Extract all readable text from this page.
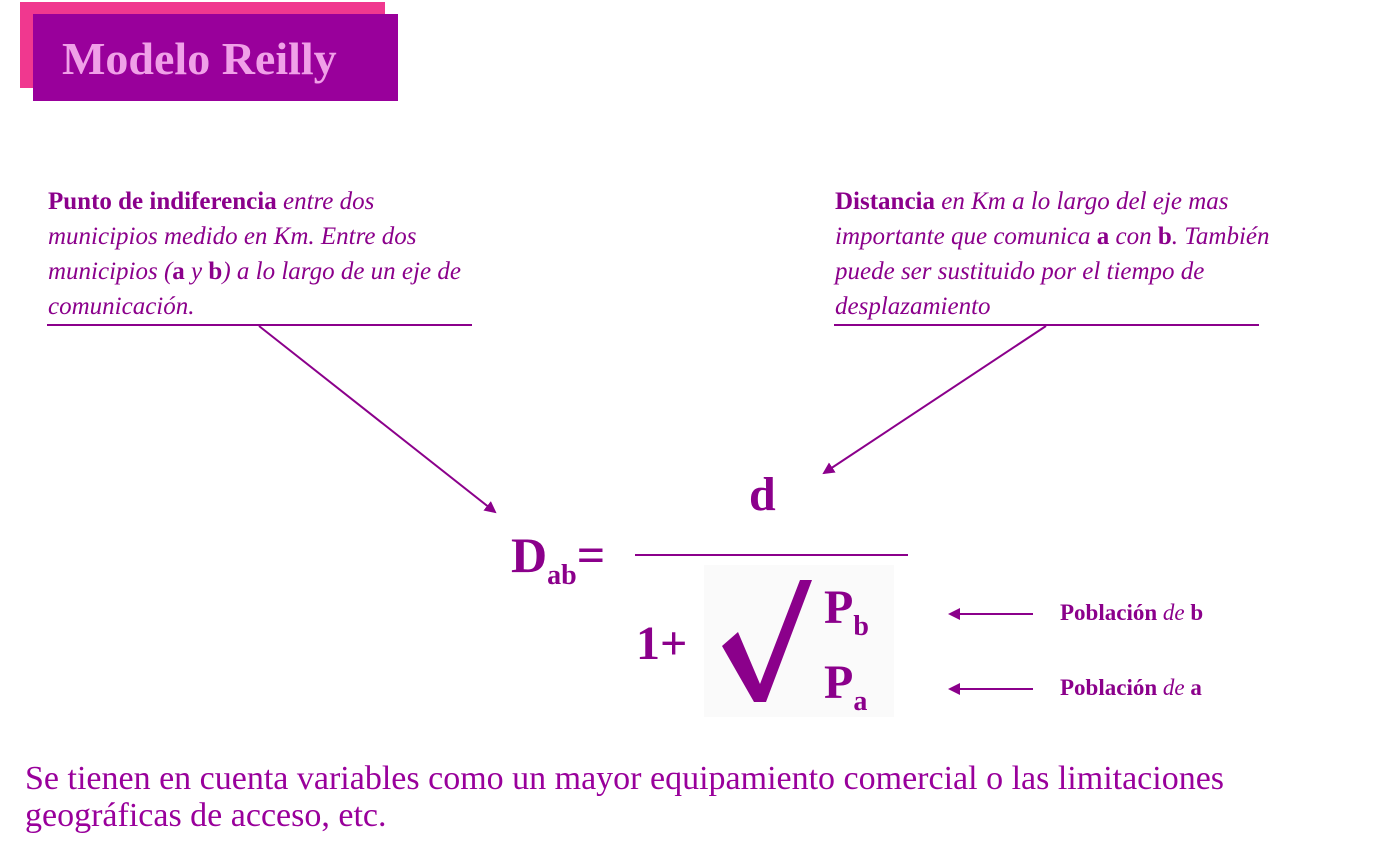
Modelo Reilly
Punto de indiferencia entre dos municipios medido en Km. Entre dos municipios (a y b) a lo largo de un eje de comunicación.
Distancia en Km a lo largo del eje mas importante que comunica a con b. También puede ser sustituido por el tiempo de desplazamiento
$D_{ab}=$
d
1+
$P_b$
$P_a$
Población de b
Población de a
Se tienen en cuenta variables como un mayor equipamiento comercial o las limitaciones geográficas de acceso, etc.
